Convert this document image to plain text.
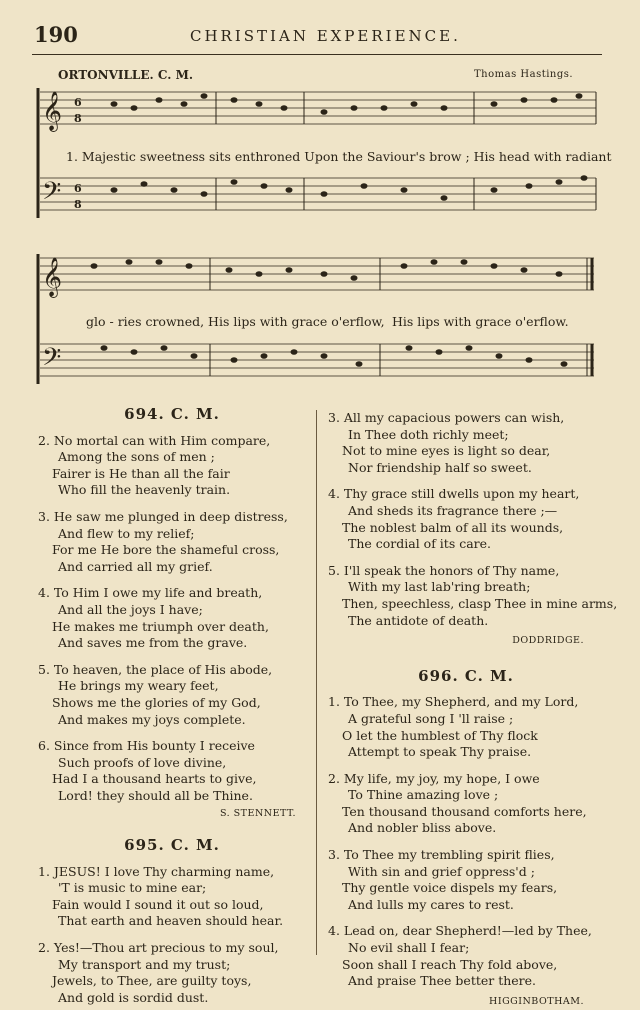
190	CHRISTIAN EXPERIENCE.
ORTONVILLE. C. M.	Thomas Hastings.
𝄞
𝄢
6
8
6
8
1. Majestic sweetness sits enthroned Upon the Saviour's brow ; His head with radiant
𝄞
𝄢
glo - ries crowned, His lips with grace o'erflow, His lips with grace o'erflow.
694. C. M.
2. No mortal can with Him compare,
Among the sons of men ;
Fairer is He than all the fair
Who fill the heavenly train.
3. He saw me plunged in deep distress,
And flew to my relief;
For me He bore the shameful cross,
And carried all my grief.
4. To Him I owe my life and breath,
And all the joys I have;
He makes me triumph over death,
And saves me from the grave.
5. To heaven, the place of His abode,
He brings my weary feet,
Shows me the glories of my God,
And makes my joys complete.
6. Since from His bounty I receive
Such proofs of love divine,
Had I a thousand hearts to give,
Lord! they should all be Thine.
S. STENNETT.
695. C. M.
1. JESUS! I love Thy charming name,
'T is music to mine ear;
Fain would I sound it out so loud,
That earth and heaven should hear.
2. Yes!—Thou art precious to my soul,
My transport and my trust;
Jewels, to Thee, are guilty toys,
And gold is sordid dust.
3. All my capacious powers can wish,
In Thee doth richly meet;
Not to mine eyes is light so dear,
Nor friendship half so sweet.
4. Thy grace still dwells upon my heart,
And sheds its fragrance there ;—
The noblest balm of all its wounds,
The cordial of its care.
5. I'll speak the honors of Thy name,
With my last lab'ring breath;
Then, speechless, clasp Thee in mine arms,
The antidote of death.
DODDRIDGE.
696. C. M.
1. To Thee, my Shepherd, and my Lord,
A grateful song I 'll raise ;
O let the humblest of Thy flock
Attempt to speak Thy praise.
2. My life, my joy, my hope, I owe
To Thine amazing love ;
Ten thousand thousand comforts here,
And nobler bliss above.
3. To Thee my trembling spirit flies,
With sin and grief oppress'd ;
Thy gentle voice dispels my fears,
And lulls my cares to rest.
4. Lead on, dear Shepherd!—led by Thee,
No evil shall I fear;
Soon shall I reach Thy fold above,
And praise Thee better there.
HIGGINBOTHAM.
